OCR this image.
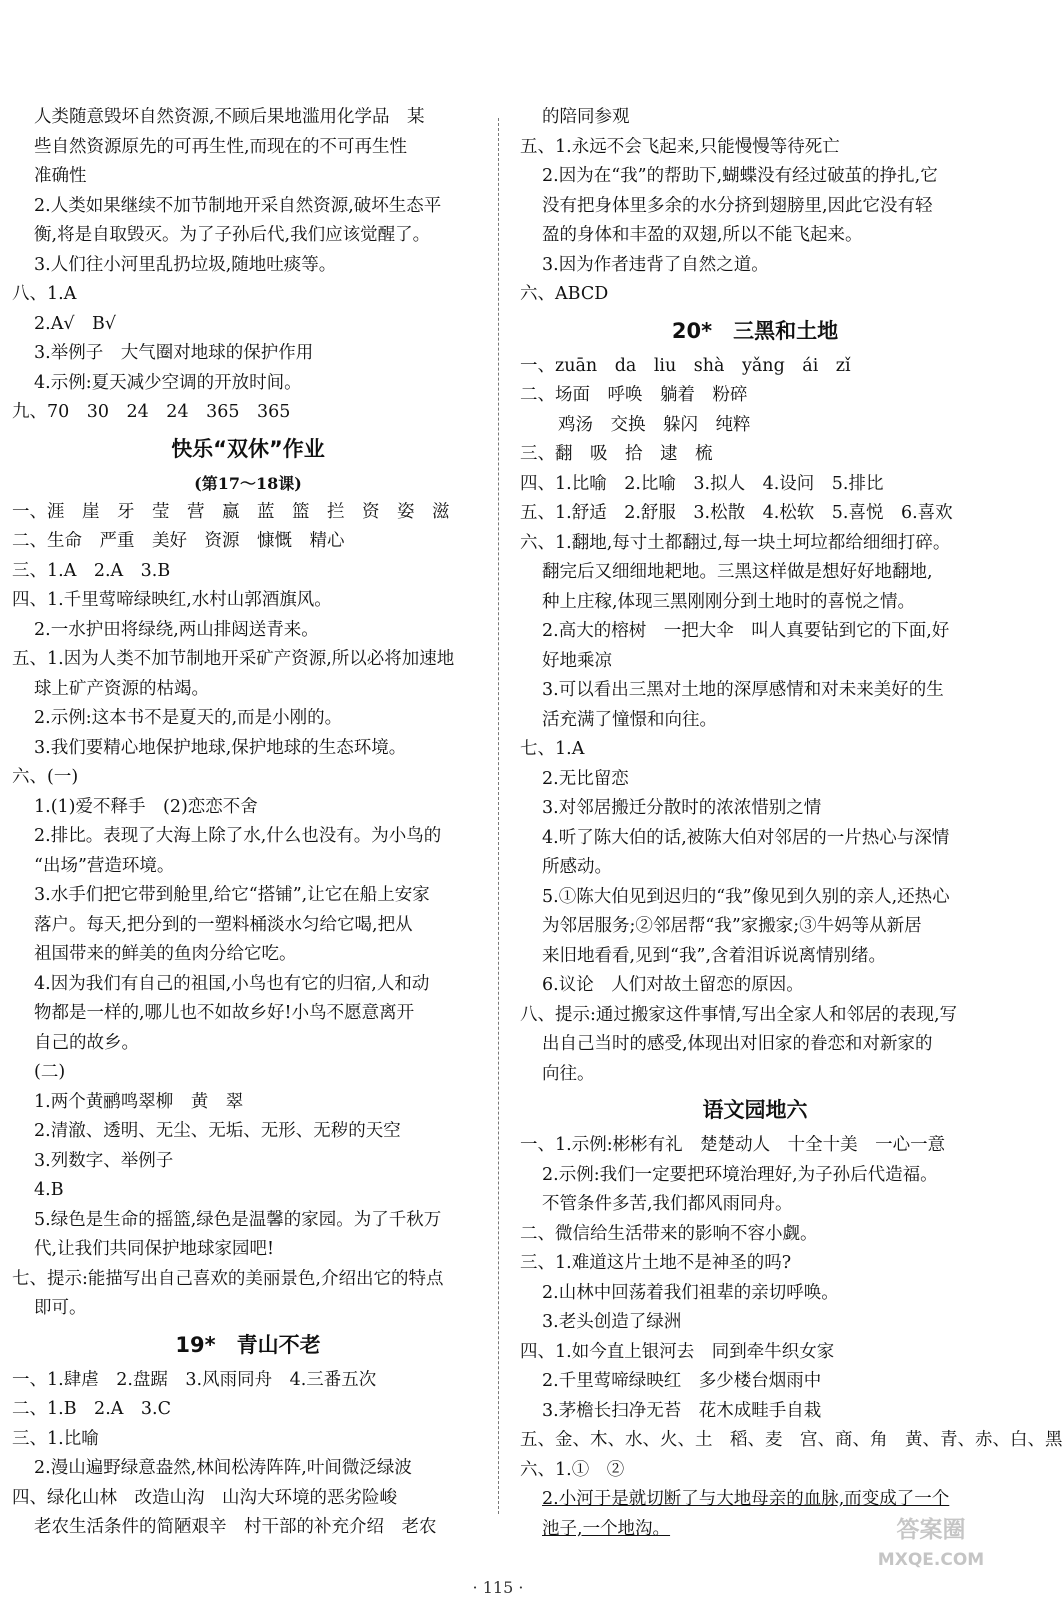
人类随意毁坏自然资源,不顾后果地滥用化学品　某
些自然资源原先的可再生性,而现在的不可再生性
准确性
2.人类如果继续不加节制地开采自然资源,破坏生态平
衡,将是自取毁灭。为了子孙后代,我们应该觉醒了。
3.人们往小河里乱扔垃圾,随地吐痰等。
八、1.A
2.A√　B√
3.举例子　大气圈对地球的保护作用
4.示例:夏天减少空调的开放时间。
九、70　30　24　24　365　365
快乐“双休”作业
(第17～18课)
一、涯　崖　牙　莹　营　嬴　蓝　篮　拦　资　姿　滋
二、生命　严重　美好　资源　慷慨　精心
三、1.A　2.A　3.B
四、1.千里莺啼绿映红,水村山郭酒旗风。
2.一水护田将绿绕,两山排闼送青来。
五、1.因为人类不加节制地开采矿产资源,所以必将加速地
球上矿产资源的枯竭。
2.示例:这本书不是夏天的,而是小刚的。
3.我们要精心地保护地球,保护地球的生态环境。
六、(一)
1.(1)爱不释手　(2)恋恋不舍
2.排比。表现了大海上除了水,什么也没有。为小鸟的
“出场”营造环境。
3.水手们把它带到舱里,给它“搭铺”,让它在船上安家
落户。每天,把分到的一塑料桶淡水匀给它喝,把从
祖国带来的鲜美的鱼肉分给它吃。
4.因为我们有自己的祖国,小鸟也有它的归宿,人和动
物都是一样的,哪儿也不如故乡好!小鸟不愿意离开
自己的故乡。
(二)
1.两个黄鹂鸣翠柳　黄　翠
2.清澈、透明、无尘、无垢、无形、无秽的天空
3.列数字、举例子
4.B
5.绿色是生命的摇篮,绿色是温馨的家园。为了千秋万
代,让我们共同保护地球家园吧!
七、提示:能描写出自己喜欢的美丽景色,介绍出它的特点
即可。
19*　青山不老
一、1.肆虐　2.盘踞　3.风雨同舟　4.三番五次
二、1.B　2.A　3.C
三、1.比喻
2.漫山遍野绿意盎然,林间松涛阵阵,叶间微泛绿波
四、绿化山林　改造山沟　山沟大环境的恶劣险峻
老农生活条件的简陋艰辛　村干部的补充介绍　老农
的陪同参观
五、1.永远不会飞起来,只能慢慢等待死亡
2.因为在“我”的帮助下,蝴蝶没有经过破茧的挣扎,它
没有把身体里多余的水分挤到翅膀里,因此它没有轻
盈的身体和丰盈的双翅,所以不能飞起来。
3.因为作者违背了自然之道。
六、ABCD
20*　三黑和土地
一、zuān　da　liu　shà　yǎng　ái　zǐ
二、场面　呼唤　躺着　粉碎
鸡汤　交换　躲闪　纯粹
三、翻　吸　拾　逮　梳
四、1.比喻　2.比喻　3.拟人　4.设问　5.排比
五、1.舒适　2.舒服　3.松散　4.松软　5.喜悦　6.喜欢
六、1.翻地,每寸土都翻过,每一块土坷垃都给细细打碎。
翻完后又细细地耙地。三黑这样做是想好好地翻地,
种上庄稼,体现三黑刚刚分到土地时的喜悦之情。
2.高大的榕树　一把大伞　叫人真要钻到它的下面,好
好地乘凉
3.可以看出三黑对土地的深厚感情和对未来美好的生
活充满了憧憬和向往。
七、1.A
2.无比留恋
3.对邻居搬迁分散时的浓浓惜别之情
4.听了陈大伯的话,被陈大伯对邻居的一片热心与深情
所感动。
5.①陈大伯见到迟归的“我”像见到久别的亲人,还热心
为邻居服务;②邻居帮“我”家搬家;③牛妈等从新居
来旧地看看,见到“我”,含着泪诉说离情别绪。
6.议论　人们对故土留恋的原因。
八、提示:通过搬家这件事情,写出全家人和邻居的表现,写
出自己当时的感受,体现出对旧家的眷恋和对新家的
向往。
语文园地六
一、1.示例:彬彬有礼　楚楚动人　十全十美　一心一意
2.示例:我们一定要把环境治理好,为子孙后代造福。
不管条件多苦,我们都风雨同舟。
二、微信给生活带来的影响不容小觑。
三、1.难道这片土地不是神圣的吗?
2.山林中回荡着我们祖辈的亲切呼唤。
3.老头创造了绿洲
四、1.如今直上银河去　同到牵牛织女家
2.千里莺啼绿映红　多少楼台烟雨中
3.茅檐长扫净无苔　花木成畦手自栽
五、金、木、水、火、土　稻、麦　宫、商、角　黄、青、赤、白、黑
六、1.①　②
2.小河于是就切断了与大地母亲的血脉,而变成了一个
池子,一个地沟。
· 115 ·
答案圈
MXQE.COM
